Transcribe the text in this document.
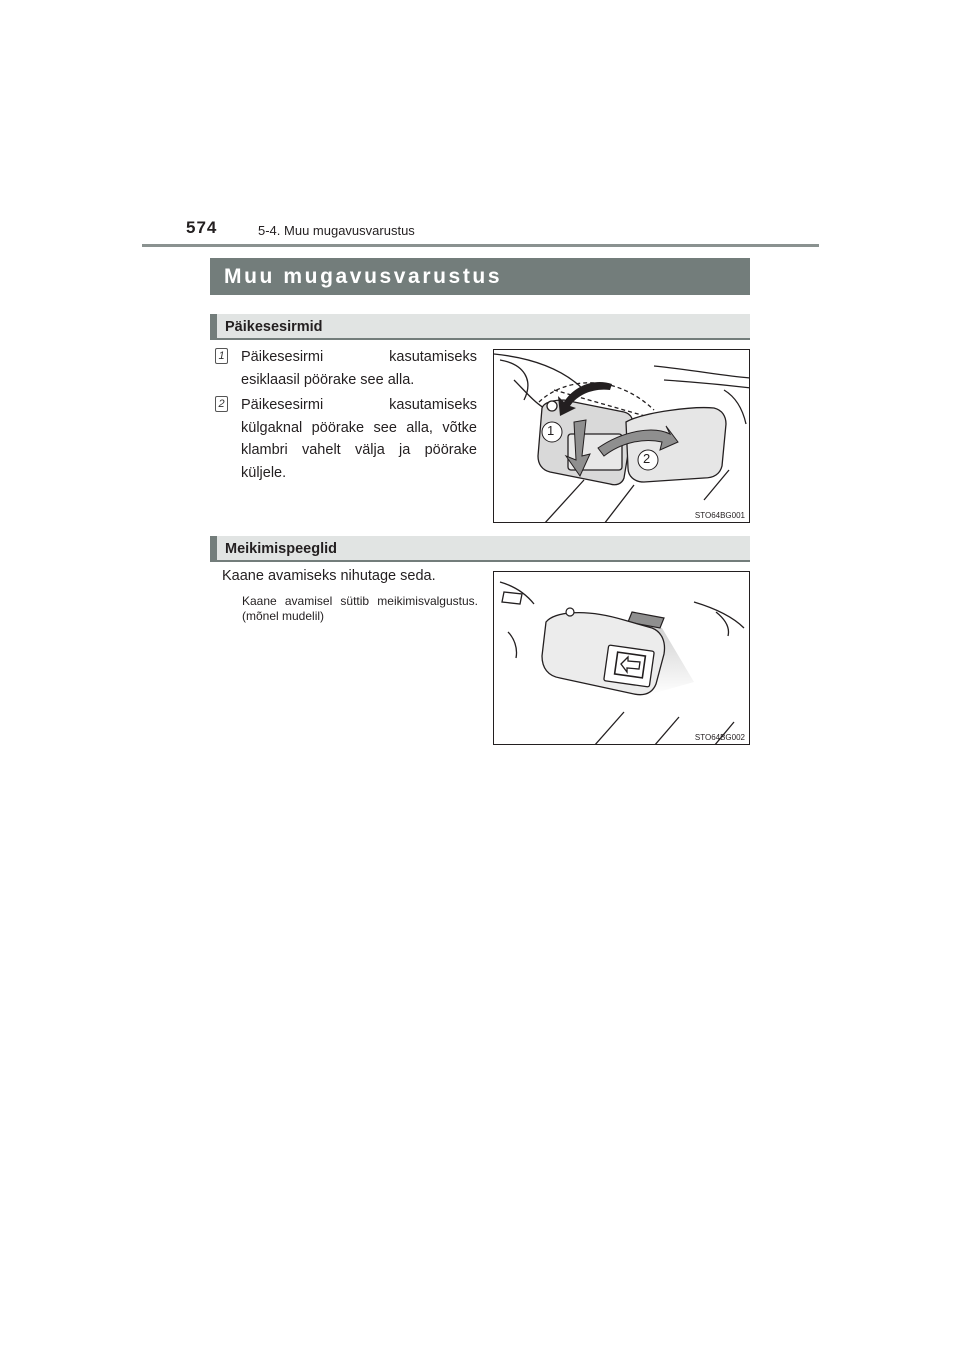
574	5-4. Muu mugavusvarustus
Muu mugavusvarustus
Päikesesirmid
1 Päikesesirmi kasutamiseks esiklaasil pöörake see alla.
2 Päikesesirmi kasutamiseks külgaknal pöörake see alla, võtke klambri vahelt välja ja pöörake küljele.
1
2
STO64BG001
Meikimispeeglid
Kaane avamiseks nihutage seda.
Kaane avamisel süttib meikimisvalgustus. (mõnel mudelil)
STO64BG002
